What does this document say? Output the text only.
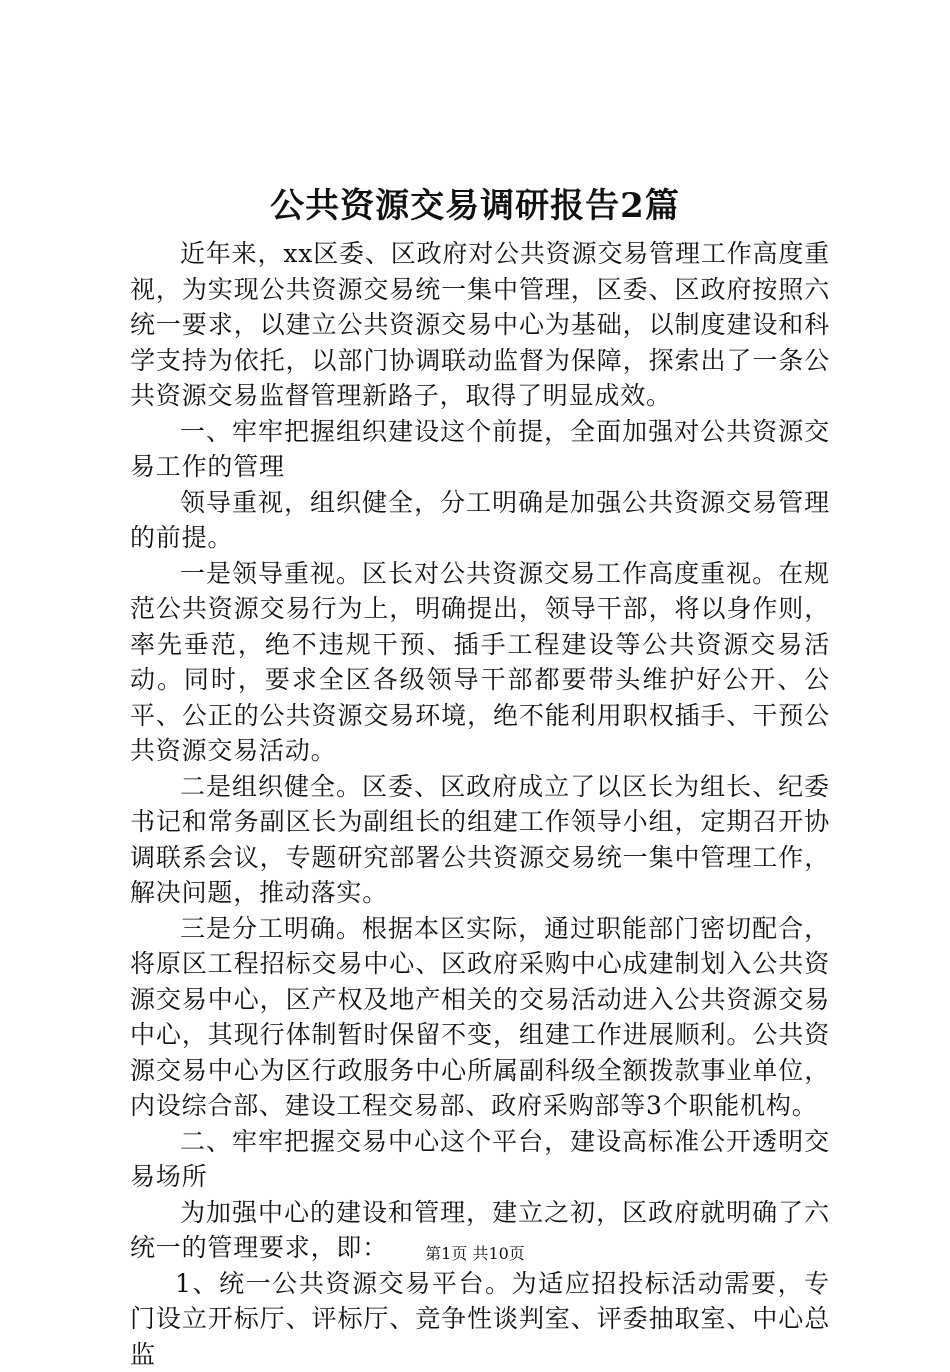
公共资源交易调研报告2篇

近年来，xx区委、区政府对公共资源交易管理工作高度重视，为实现公共资源交易统一集中管理，区委、区政府按照六统一要求，以建立公共资源交易中心为基础，以制度建设和科学支持为依托，以部门协调联动监督为保障，探索出了一条公共资源交易监督管理新路子，取得了明显成效。

一、牢牢把握组织建设这个前提，全面加强对公共资源交易工作的管理

领导重视，组织健全，分工明确是加强公共资源交易管理的前提。

一是领导重视。区长对公共资源交易工作高度重视。在规范公共资源交易行为上，明确提出，领导干部，将以身作则，率先垂范，绝不违规干预、插手工程建设等公共资源交易活动。同时，要求全区各级领导干部都要带头维护好公开、公平、公正的公共资源交易环境，绝不能利用职权插手、干预公共资源交易活动。

二是组织健全。区委、区政府成立了以区长为组长、纪委书记和常务副区长为副组长的组建工作领导小组，定期召开协调联系会议，专题研究部署公共资源交易统一集中管理工作，解决问题，推动落实。

三是分工明确。根据本区实际，通过职能部门密切配合，将原区工程招标交易中心、区政府采购中心成建制划入公共资源交易中心，区产权及地产相关的交易活动进入公共资源交易中心，其现行体制暂时保留不变，组建工作进展顺利。公共资源交易中心为区行政服务中心所属副科级全额拨款事业单位，内设综合部、建设工程交易部、政府采购部等3个职能机构。

二、牢牢把握交易中心这个平台，建设高标准公开透明交易场所

为加强中心的建设和管理，建立之初，区政府就明确了六统一的管理要求，即：

1、统一公共资源交易平台。为适应招投标活动需要，专门设立开标厅、评标厅、竞争性谈判室、评委抽取室、中心总监

第1页 共10页
